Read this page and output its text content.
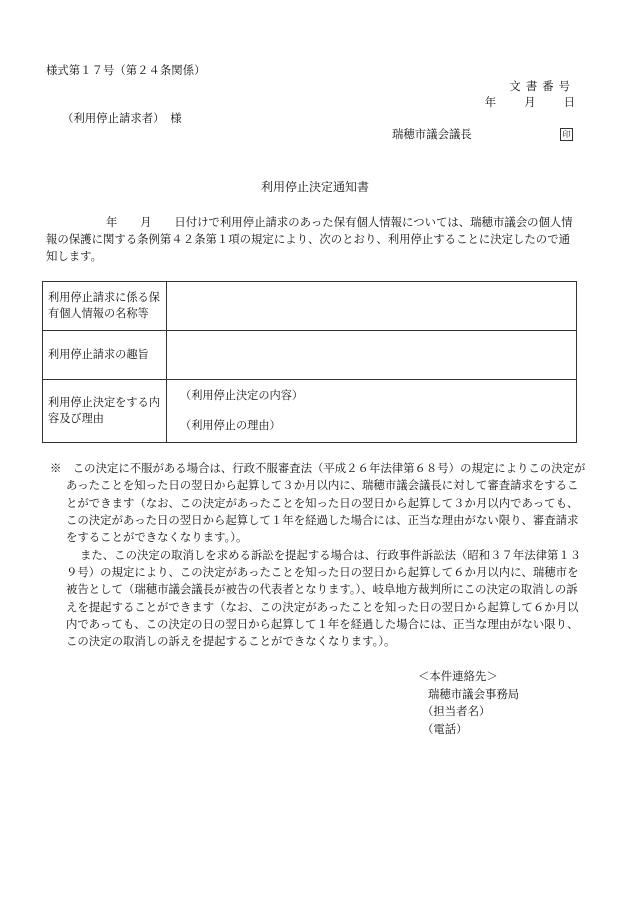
様式第１７号（第２４条関係）
文書番号
年 月 日
（利用停止請求者）　様
瑞穂市議会議長	印
利用停止決定通知書

年　　月　　日付けで利用停止請求のあった保有個人情報については、瑞穂市議会の個人情報の保護に関する条例第４２条第１項の規定により、次のとおり、利用停止することに決定したので通知します。

利用停止請求に係る保有個人情報の名称等	
利用停止請求の趣旨	
利用停止決定をする内容及び理由	（利用停止決定の内容）
（利用停止の理由）

※　この決定に不服がある場合は、行政不服審査法（平成２６年法律第６８号）の規定によりこの決定があったことを知った日の翌日から起算して３か月以内に、瑞穂市議会議長に対して審査請求をすることができます（なお、この決定があったことを知った日の翌日から起算して３か月以内であっても、この決定があった日の翌日から起算して１年を経過した場合には、正当な理由がない限り、審査請求をすることができなくなります。）。

また、この決定の取消しを求める訴訟を提起する場合は、行政事件訴訟法（昭和３７年法律第１３９号）の規定により、この決定があったことを知った日の翌日から起算して６か月以内に、瑞穂市を被告として（瑞穂市議会議長が被告の代表者となります。）、岐阜地方裁判所にこの決定の取消しの訴えを提起することができます（なお、この決定があったことを知った日の翌日から起算して６か月以内であっても、この決定の日の翌日から起算して１年を経過した場合には、正当な理由がない限り、この決定の取消しの訴えを提起することができなくなります。）。

＜本件連絡先＞
瑞穂市議会事務局
（担当者名）
（電話）
